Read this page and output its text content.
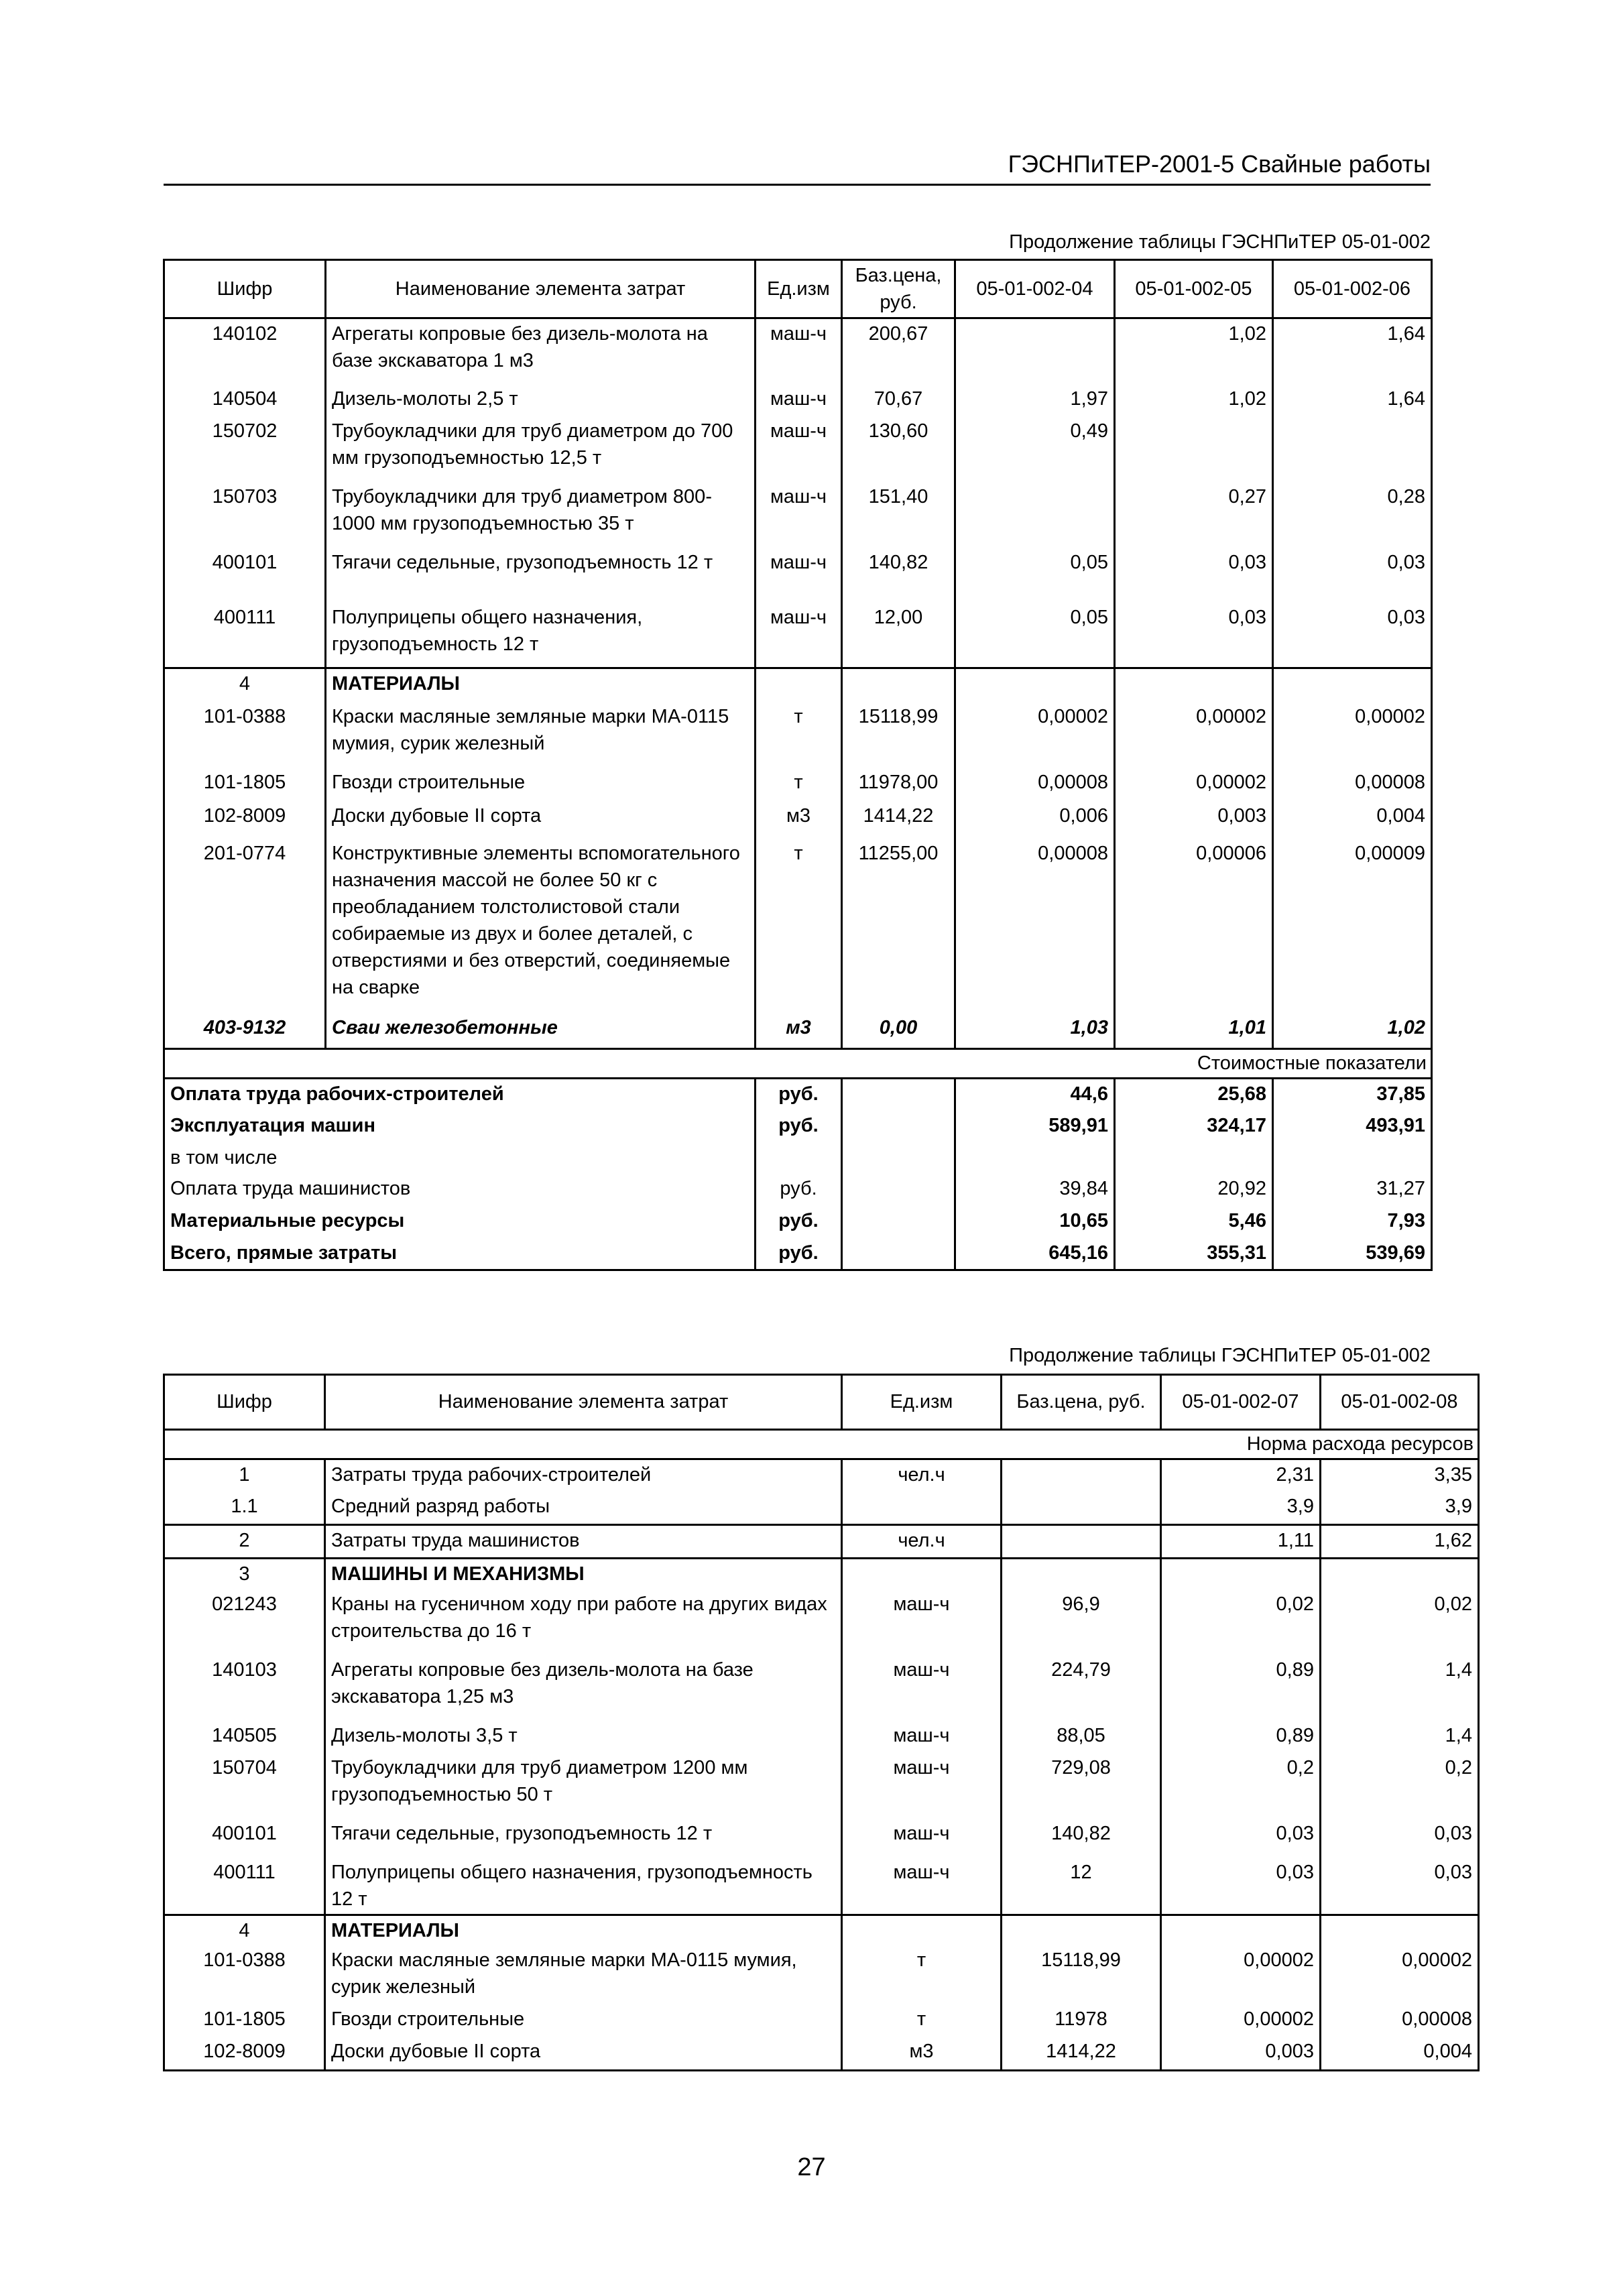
ГЭСНПиТЕР-2001-5 Свайные работы
Продолжение таблицы ГЭСНПиТЕР 05-01-002
Шифр	Наименование элемента затрат	Ед.изм	Баз.цена, руб.	05-01-002-04	05-01-002-05	05-01-002-06
140102	Агрегаты копровые без дизель-молота на базе экскаватора 1 м3	маш-ч	200,67		1,02	1,64
140504	Дизель-молоты 2,5 т	маш-ч	70,67	1,97	1,02	1,64
150702	Трубоукладчики для труб диаметром до 700 мм грузоподъемностью 12,5 т	маш-ч	130,60	0,49		
150703	Трубоукладчики для труб диаметром 800-1000 мм грузоподъемностью 35 т	маш-ч	151,40		0,27	0,28
400101	Тягачи седельные, грузоподъемность 12 т	маш-ч	140,82	0,05	0,03	0,03
400111	Полуприцепы общего назначения, грузоподъемность 12 т	маш-ч	12,00	0,05	0,03	0,03
4	МАТЕРИАЛЫ					
101-0388	Краски масляные земляные марки МА-0115 мумия, сурик железный	т	15118,99	0,00002	0,00002	0,00002
101-1805	Гвозди строительные	т	11978,00	0,00008	0,00002	0,00008
102-8009	Доски дубовые II сорта	м3	1414,22	0,006	0,003	0,004
201-0774	Конструктивные элементы вспомогательного назначения массой не более 50 кг с преобладанием толстолистовой стали собираемые из двух и более деталей, с отверстиями и без отверстий, соединяемые на сварке	т	11255,00	0,00008	0,00006	0,00009
403-9132	Сваи железобетонные	м3	0,00	1,03	1,01	1,02
Стоимостные показатели						
Оплата труда рабочих-строителей		руб.		44,6	25,68	37,85
Эксплуатация машин		руб.		589,91	324,17	493,91
в том числе						
Оплата труда машинистов		руб.		39,84	20,92	31,27
Материальные ресурсы		руб.		10,65	5,46	7,93
Всего, прямые затраты		руб.		645,16	355,31	539,69
Продолжение таблицы ГЭСНПиТЕР 05-01-002
Шифр	Наименование элемента затрат	Ед.изм	Баз.цена, руб.	05-01-002-07	05-01-002-08
Норма расхода ресурсов					
1	Затраты труда рабочих-строителей	чел.ч		2,31	3,35
1.1	Средний разряд работы			3,9	3,9
2	Затраты труда машинистов	чел.ч		1,11	1,62
3	МАШИНЫ И МЕХАНИЗМЫ				
021243	Краны на гусеничном ходу при работе на других видах строительства до 16 т	маш-ч	96,9	0,02	0,02
140103	Агрегаты копровые без дизель-молота на базе экскаватора 1,25 м3	маш-ч	224,79	0,89	1,4
140505	Дизель-молоты 3,5 т	маш-ч	88,05	0,89	1,4
150704	Трубоукладчики для труб диаметром 1200 мм грузоподъемностью 50 т	маш-ч	729,08	0,2	0,2
400101	Тягачи седельные, грузоподъемность 12 т	маш-ч	140,82	0,03	0,03
400111	Полуприцепы общего назначения, грузоподъемность 12 т	маш-ч	12	0,03	0,03
4	МАТЕРИАЛЫ				
101-0388	Краски масляные земляные марки МА-0115 мумия, сурик железный	т	15118,99	0,00002	0,00002
101-1805	Гвозди строительные	т	11978	0,00002	0,00008
102-8009	Доски дубовые II сорта	м3	1414,22	0,003	0,004
27
